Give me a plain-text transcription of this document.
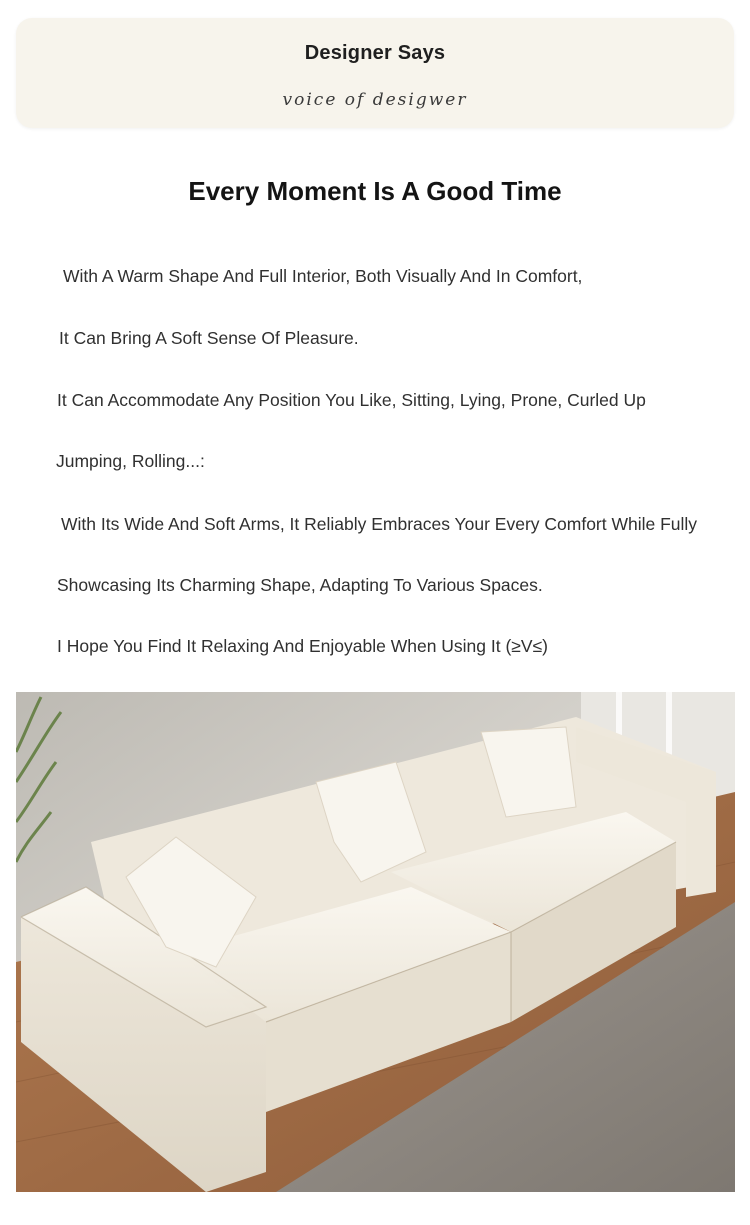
Designer Says
voice of desigwer
Every Moment Is A Good Time
With A Warm Shape And Full Interior, Both Visually And In Comfort,
It Can Bring A Soft Sense Of Pleasure.
It Can Accommodate Any Position You Like, Sitting, Lying, Prone, Curled Up
Jumping, Rolling...:
With Its Wide And Soft Arms, It Reliably Embraces Your Every Comfort While Fully
Showcasing Its Charming Shape, Adapting To Various Spaces.
I Hope You Find It Relaxing And Enjoyable When Using It (≥V≤)
